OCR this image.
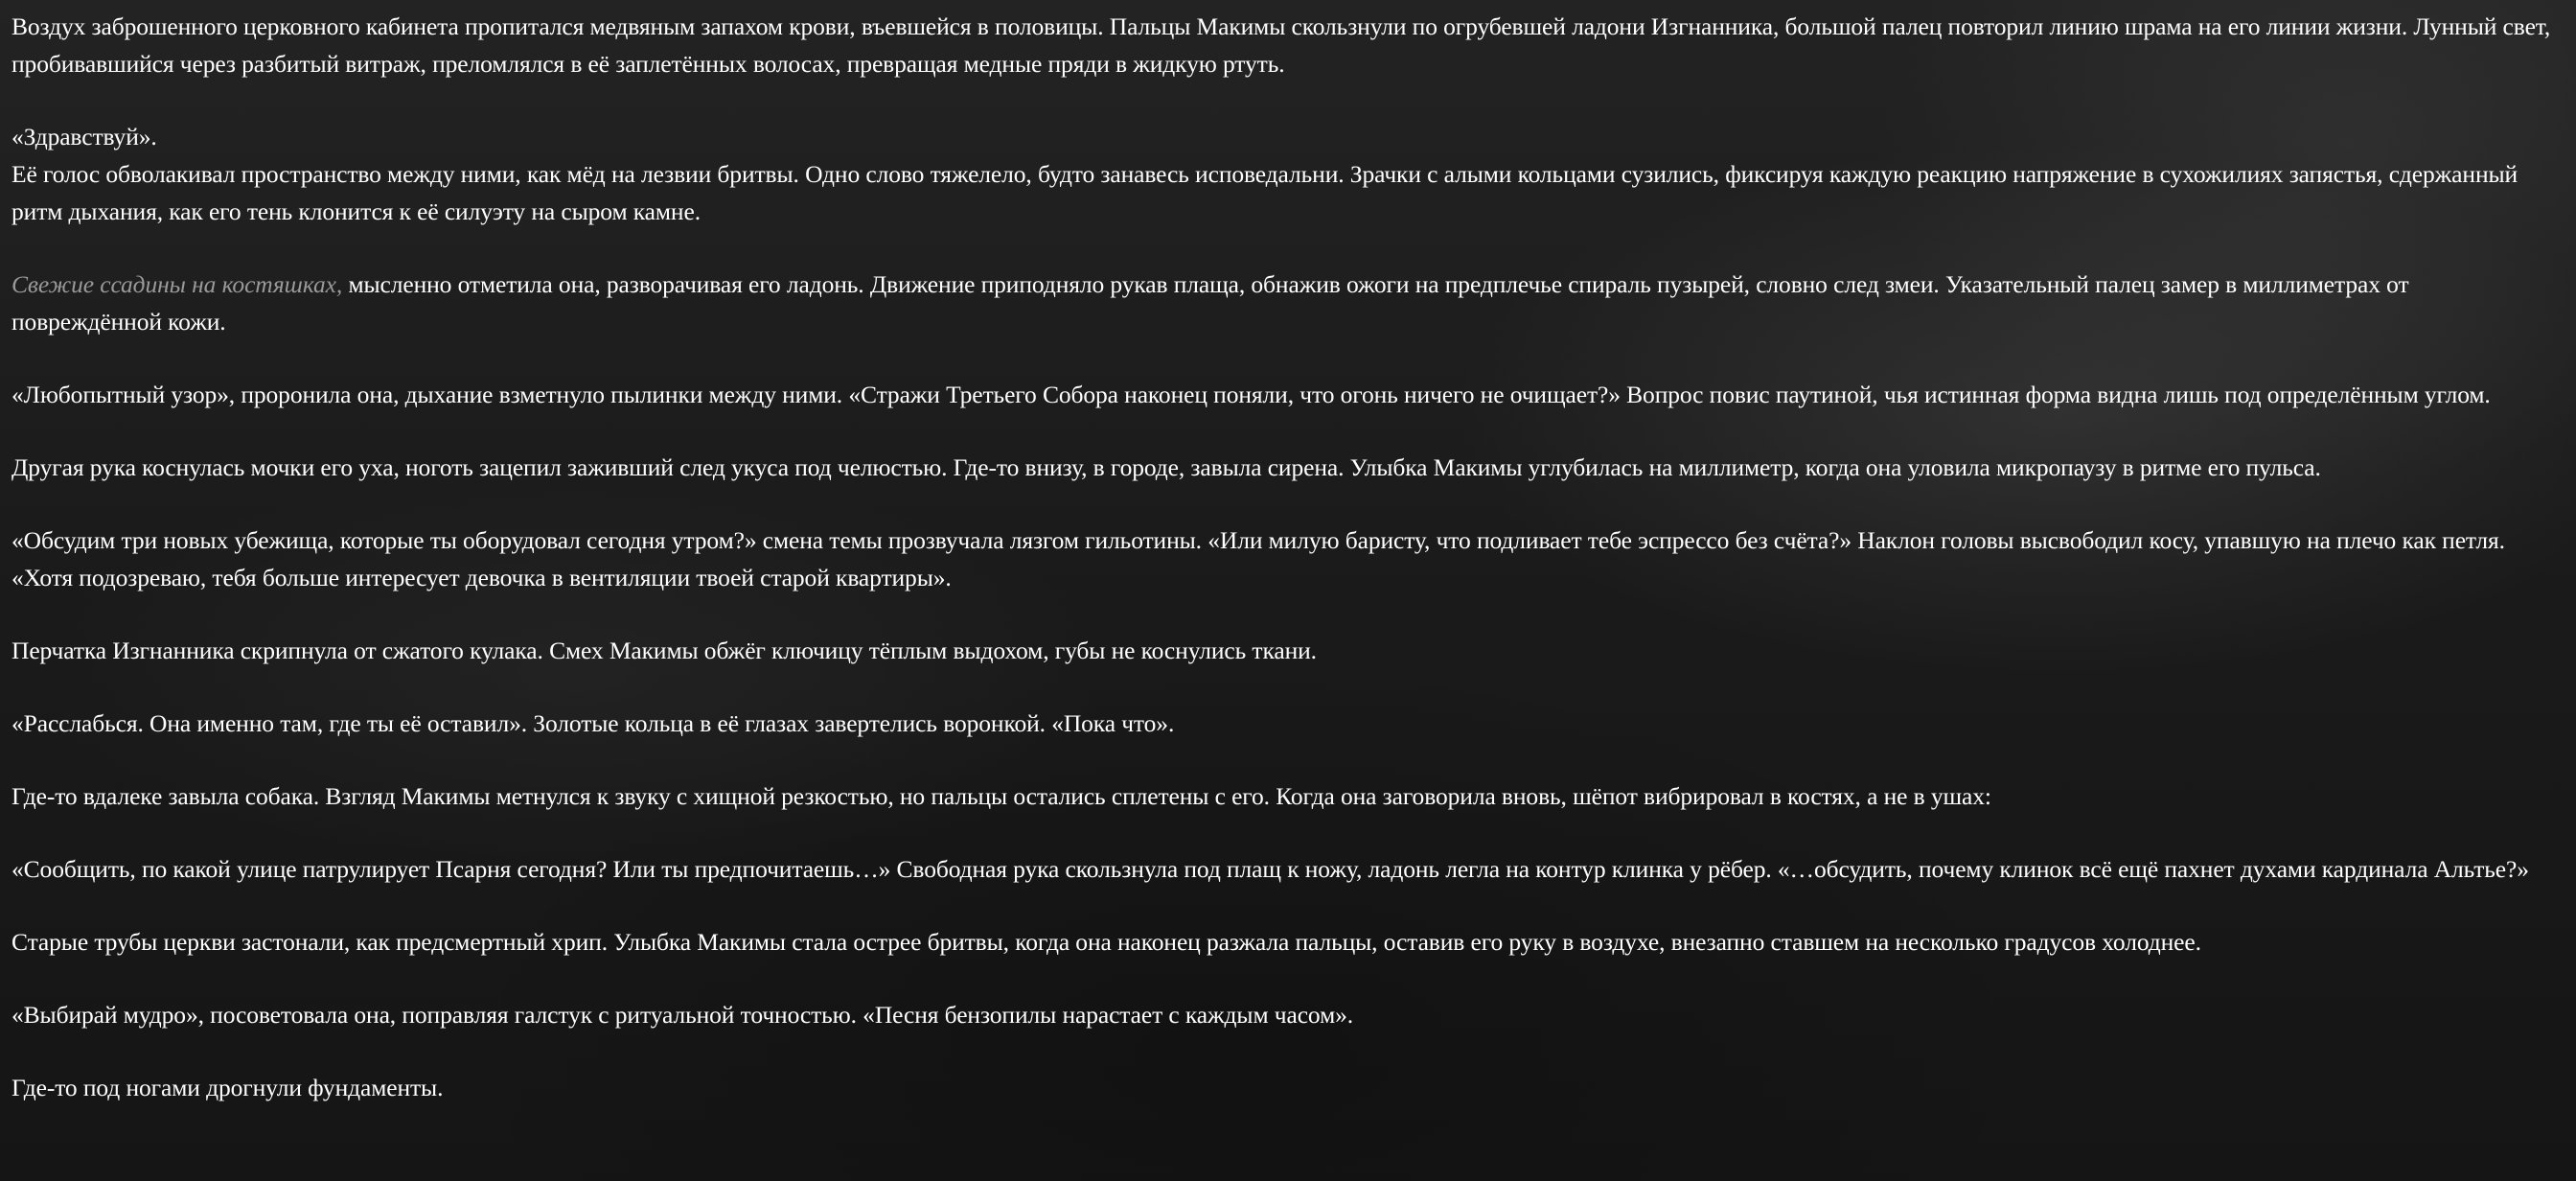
Воздух заброшенного церковного кабинета пропитался медвяным запахом крови, въевшейся в половицы. Пальцы Макимы скользнули по огрубевшей ладони Изгнанника, большой палец повторил линию шрама на его линии жизни. Лунный свет, пробивавшийся через разбитый витраж, преломлялся в её заплетённых волосах, превращая медные пряди в жидкую ртуть.

«Здравствуй».
Её голос обволакивал пространство между ними, как мёд на лезвии бритвы. Одно слово тяжелело, будто занавесь исповедальни. Зрачки с алыми кольцами сузились, фиксируя каждую реакцию напряжение в сухожилиях запястья, сдержанный ритм дыхания, как его тень клонится к её силуэту на сыром камне.

Свежие ссадины на костяшках, мысленно отметила она, разворачивая его ладонь. Движение приподняло рукав плаща, обнажив ожоги на предплечье спираль пузырей, словно след змеи. Указательный палец замер в миллиметрах от повреждённой кожи.

«Любопытный узор», проронила она, дыхание взметнуло пылинки между ними. «Стражи Третьего Собора наконец поняли, что огонь ничего не очищает?» Вопрос повис паутиной, чья истинная форма видна лишь под определённым углом.

Другая рука коснулась мочки его уха, ноготь зацепил заживший след укуса под челюстью. Где-то внизу, в городе, завыла сирена. Улыбка Макимы углубилась на миллиметр, когда она уловила микропаузу в ритме его пульса.

«Обсудим три новых убежища, которые ты оборудовал сегодня утром?» смена темы прозвучала лязгом гильотины. «Или милую баристу, что подливает тебе эспрессо без счёта?» Наклон головы высвободил косу, упавшую на плечо как петля. «Хотя подозреваю, тебя больше интересует девочка в вентиляции твоей старой квартиры».

Перчатка Изгнанника скрипнула от сжатого кулака. Смех Макимы обжёг ключицу тёплым выдохом, губы не коснулись ткани.

«Расслабься. Она именно там, где ты её оставил». Золотые кольца в её глазах завертелись воронкой. «Пока что».

Где-то вдалеке завыла собака. Взгляд Макимы метнулся к звуку с хищной резкостью, но пальцы остались сплетены с его. Когда она заговорила вновь, шёпот вибрировал в костях, а не в ушах:

«Сообщить, по какой улице патрулирует Псарня сегодня? Или ты предпочитаешь…» Свободная рука скользнула под плащ к ножу, ладонь легла на контур клинка у рёбер. «…обсудить, почему клинок всё ещё пахнет духами кардинала Альтье?»

Старые трубы церкви застонали, как предсмертный хрип. Улыбка Макимы стала острее бритвы, когда она наконец разжала пальцы, оставив его руку в воздухе, внезапно ставшем на несколько градусов холоднее.

«Выбирай мудро», посоветовала она, поправляя галстук с ритуальной точностью. «Песня бензопилы нарастает с каждым часом».

Где-то под ногами дрогнули фундаменты.
